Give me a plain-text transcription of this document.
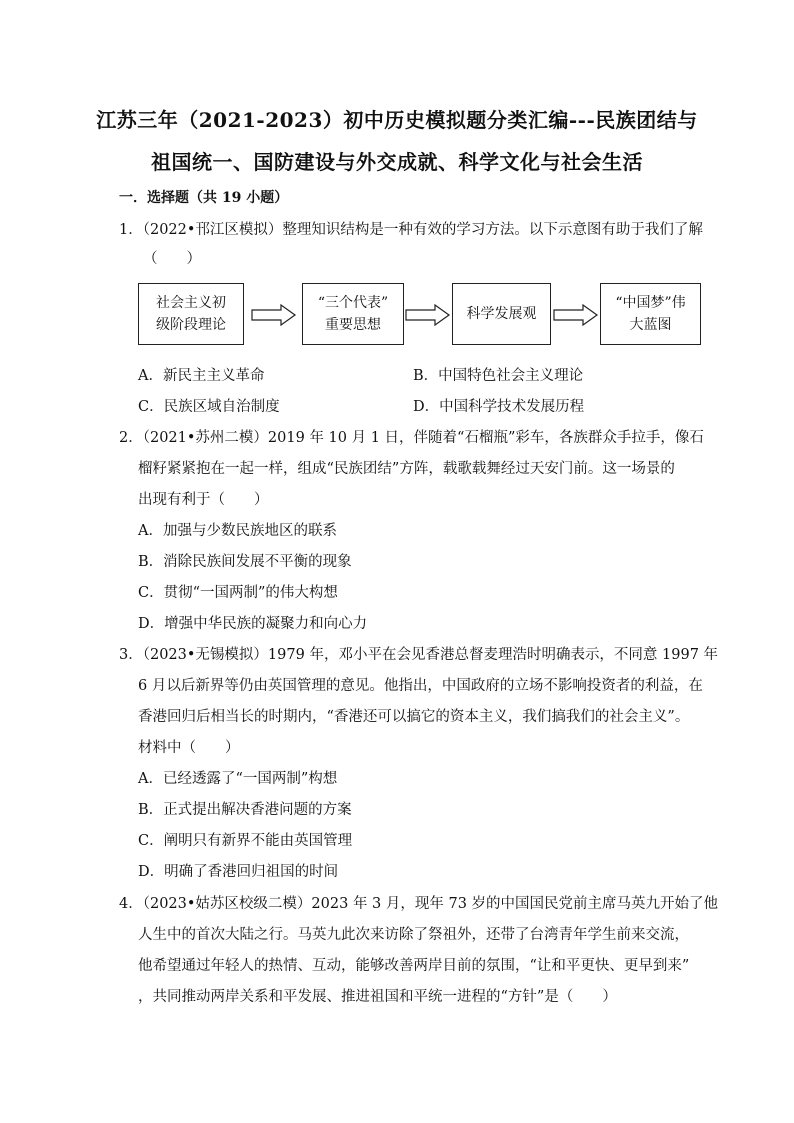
江苏三年（2021-2023）初中历史模拟题分类汇编---民族团结与
祖国统一、国防建设与外交成就、科学文化与社会生活
一．选择题（共 19 小题）
1．（2022•邗江区模拟）整理知识结构是一种有效的学习方法。以下示意图有助于我们了解
（　　）
社会主义初
级阶段理论
“三个代表”
重要思想
科学发展观
“中国梦”伟
大蓝图
A．新民主主义革命	B．中国特色社会主义理论
C．民族区域自治制度	D．中国科学技术发展历程
2．（2021•苏州二模）2019 年 10 月 1 日，伴随着“石榴瓶”彩车，各族群众手拉手，像石
榴籽紧紧抱在一起一样，组成“民族团结”方阵，载歌载舞经过天安门前。这一场景的
出现有利于（　　）
A．加强与少数民族地区的联系
B．消除民族间发展不平衡的现象
C．贯彻“一国两制”的伟大构想
D．增强中华民族的凝聚力和向心力
3．（2023•无锡模拟）1979 年，邓小平在会见香港总督麦理浩时明确表示，不同意 1997 年
6 月以后新界等仍由英国管理的意见。他指出，中国政府的立场不影响投资者的利益，在
香港回归后相当长的时期内，“香港还可以搞它的资本主义，我们搞我们的社会主义”。
材料中（　　）
A．已经透露了“一国两制”构想
B．正式提出解决香港问题的方案
C．阐明只有新界不能由英国管理
D．明确了香港回归祖国的时间
4．（2023•姑苏区校级二模）2023 年 3 月，现年 73 岁的中国国民党前主席马英九开始了他
人生中的首次大陆之行。马英九此次来访除了祭祖外，还带了台湾青年学生前来交流，
他希望通过年轻人的热情、互动，能够改善两岸目前的氛围，“让和平更快、更早到来”
，共同推动两岸关系和平发展、推进祖国和平统一进程的“方针”是（　　）
